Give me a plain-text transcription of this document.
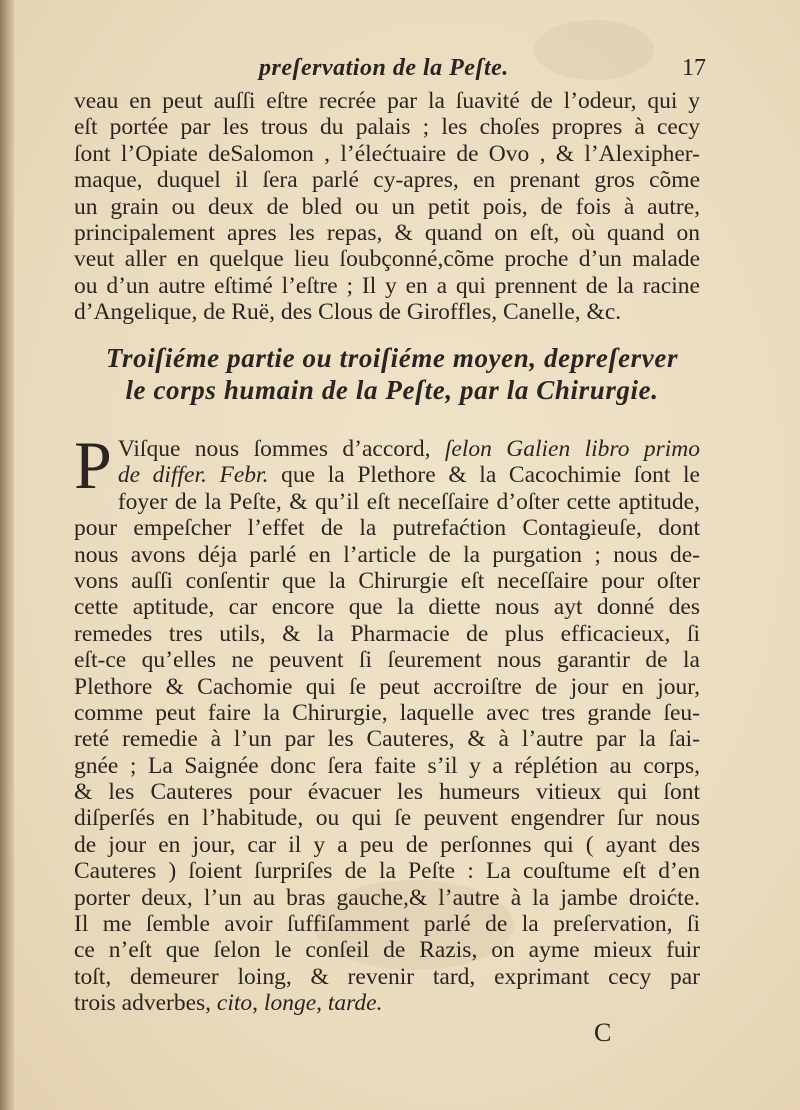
preſervation de la Peſte.	17
veau en peut auſſi eſtre recrée par la ſuavité de l’odeur, qui y
eſt portée par les trous du palais ; les choſes propres à cecy
ſont l’Opiate deSalomon , l’élećtuaire de Ovo , & l’Alexipher-
maque, duquel il ſera parlé cy-apres, en prenant gros cõme
un grain ou deux de bled ou un petit pois, de fois à autre,
principalement apres les repas, & quand on eſt, où quand on
veut aller en quelque lieu ſoubçonné,cõme proche d’un malade
ou d’un autre eſtimé l’eſtre ; Il y en a qui prennent de la racine
d’Angelique, de Ruë, des Clous de Giroffles, Canelle, &c.
Troiſiéme partie ou troiſiéme moyen, depreſerver
le corps humain de la Peſte, par la Chirurgie.
P Viſque nous ſommes d’accord, ſelon Galien libro primo
de differ. Febr. que la Plethore & la Cacochimie ſont le
foyer de la Peſte, & qu’il eſt neceſſaire d’oſter cette aptitude,
pour empeſcher l’effet de la putrefaćtion Contagieuſe, dont
nous avons déja parlé en l’article de la purgation ; nous de-
vons auſſi conſentir que la Chirurgie eſt neceſſaire pour oſter
cette aptitude, car encore que la diette nous ayt donné des
remedes tres utils, & la Pharmacie de plus efficacieux, ſi
eſt-ce qu’elles ne peuvent ſi ſeurement nous garantir de la
Plethore & Cachomie qui ſe peut accroiſtre de jour en jour,
comme peut faire la Chirurgie, laquelle avec tres grande ſeu-
reté remedie à l’un par les Cauteres, & à l’autre par la ſai-
gnée ; La Saignée donc ſera faite s’il y a réplétion au corps,
& les Cauteres pour évacuer les humeurs vitieux qui ſont
diſperſés en l’habitude, ou qui ſe peuvent engendrer ſur nous
de jour en jour, car il y a peu de perſonnes qui ( ayant des
Cauteres ) ſoient ſurpriſes de la Peſte : La couſtume eſt d’en
porter deux, l’un au bras gauche,& l’autre à la jambe droićte.
Il me ſemble avoir ſuffiſamment parlé de la preſervation, ſi
ce n’eſt que ſelon le conſeil de Razis, on ayme mieux fuir
toſt, demeurer loing, & revenir tard, exprimant cecy par
trois adverbes, cito, longe, tarde.
C
